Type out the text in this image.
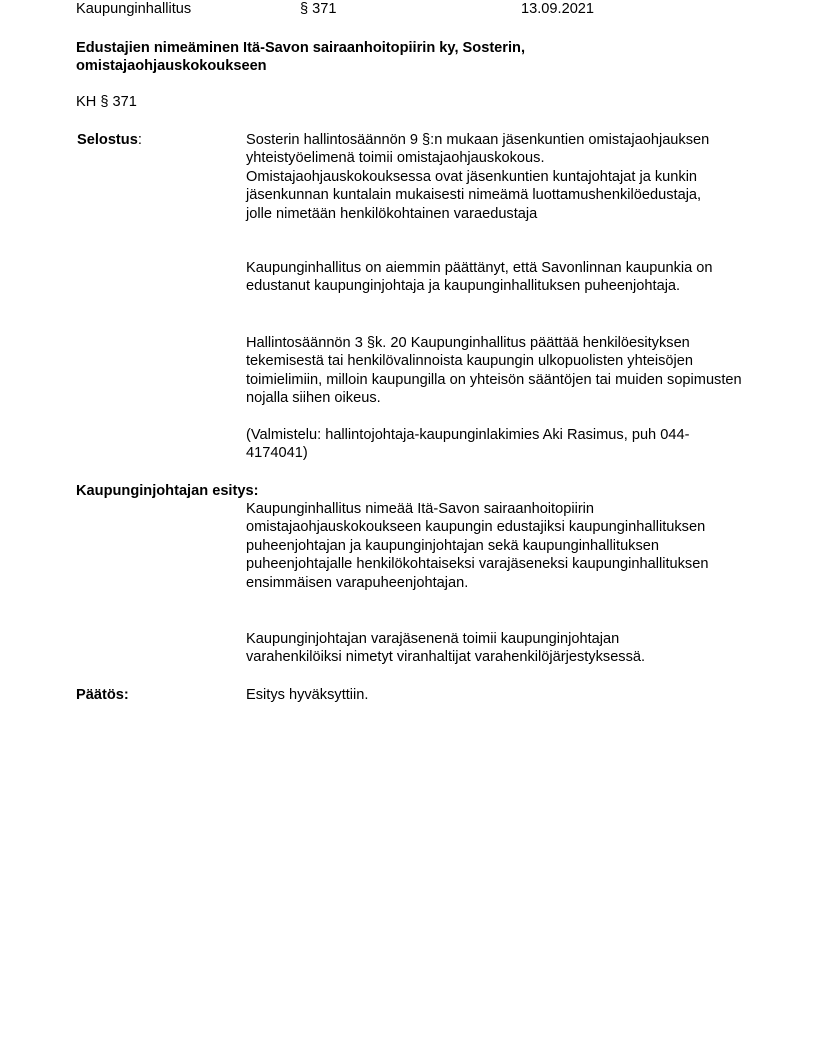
Kaupunginhallitus	§ 371	13.09.2021
Edustajien nimeäminen Itä-Savon sairaanhoitopiirin ky, Sosterin,
omistajaohjauskokoukseen
KH § 371
Selostus:	Sosterin hallintosäännön 9 §:n mukaan jäsenkuntien omistajaohjauksen yhteistyöelimenä toimii omistajaohjauskokous. Omistajaohjauskokouksessa ovat jäsenkuntien kuntajohtajat ja kunkin jäsenkunnan kuntalain mukaisesti nimeämä luottamushenkilöedustaja, jolle nimetään henkilökohtainen varaedustaja

Kaupunginhallitus on aiemmin päättänyt, että Savonlinnan kaupunkia on edustanut kaupunginjohtaja ja kaupunginhallituksen puheenjohtaja.

Hallintosäännön 3 §k. 20 Kaupunginhallitus päättää henkilöesityksen tekemisestä tai henkilövalinnoista kaupungin ulkopuolisten yhteisöjen toimielimiin, milloin kaupungilla on yhteisön sääntöjen tai muiden sopimusten nojalla siihen oikeus.

(Valmistelu: hallintojohtaja-kaupunginlakimies Aki Rasimus, puh 044-4174041)

Kaupunginjohtajan esitys:

Kaupunginhallitus nimeää Itä-Savon sairaanhoitopiirin omistajaohjauskokoukseen kaupungin edustajiksi kaupunginhallituksen puheenjohtajan ja kaupunginjohtajan sekä kaupunginhallituksen puheenjohtajalle henkilökohtaiseksi varajäseneksi kaupunginhallituksen ensimmäisen varapuheenjohtajan.

Kaupunginjohtajan varajäsenenä toimii kaupunginjohtajan varahenkilöiksi nimetyt viranhaltijat varahenkilöjärjestyksessä.

Päätös:	Esitys hyväksyttiin.
